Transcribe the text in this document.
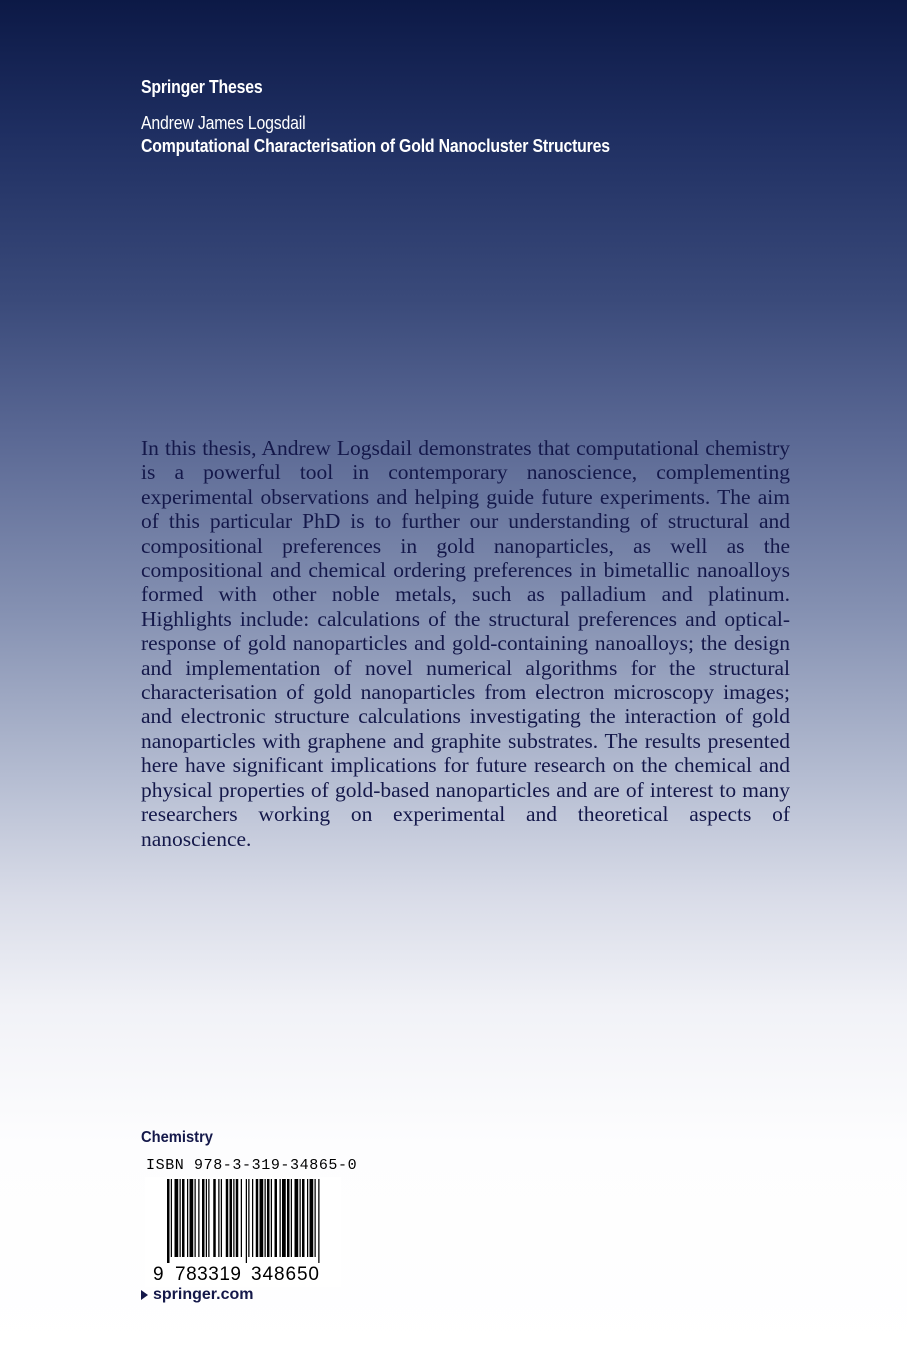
Springer Theses
Andrew James Logsdail
Computational Characterisation of Gold Nanocluster Structures

In this thesis, Andrew Logsdail demonstrates that computational chemistry is a powerful tool in contemporary nanoscience, complementing experimental observations and helping guide future experiments. The aim of this particular PhD is to further our understanding of structural and compositional preferences in gold nanoparticles, as well as the compositional and chemical ordering preferences in bimetallic nanoalloys formed with other noble metals, such as palladium and platinum. Highlights include: calculations of the structural preferences and optical-response of gold nanoparticles and gold-containing nanoalloys; the design and implementation of novel numerical algorithms for the structural characterisation of gold nanoparticles from electron microscopy images; and electronic structure calculations investigating the interaction of gold nanoparticles with graphene and graphite substrates. The results presented here have significant implications for future research on the chemical and physical properties of gold-based nanoparticles and are of interest to many researchers working on experimental and theoretical aspects of nanoscience.

Chemistry
ISBN 978-3-319-34865-0
9 783319 348650
springer.com
